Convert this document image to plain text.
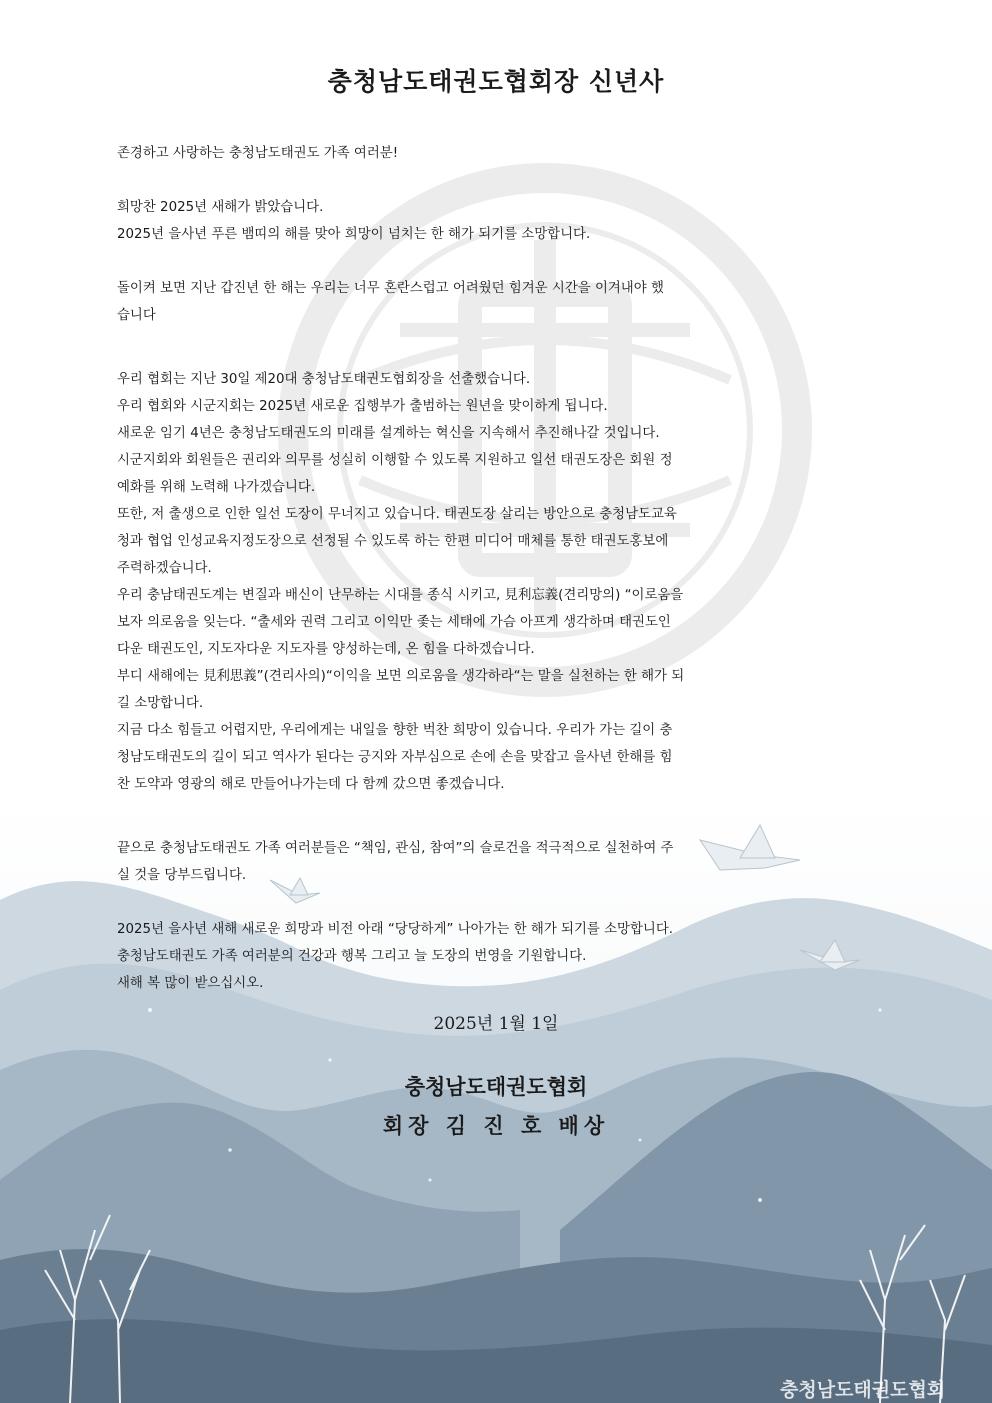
충청남도태권도협회장 신년사

존경하고 사랑하는 충청남도태권도 가족 여러분!

희망찬 2025년 새해가 밝았습니다.
2025년 을사년 푸른 뱀띠의 해를 맞아 희망이 넘치는 한 해가 되기를 소망합니다.

돌이켜 보면 지난 갑진년 한 해는 우리는 너무 혼란스럽고 어려웠던 힘겨운 시간을 이겨내야 했
습니다

우리 협회는 지난 30일 제20대 충청남도태권도협회장을 선출했습니다.
우리 협회와 시군지회는 2025년 새로운 집행부가 출범하는 원년을 맞이하게 됩니다.
새로운 임기 4년은 충청남도태권도의 미래를 설계하는 혁신을 지속해서 추진해나갈 것입니다.
시군지회와 회원들은 권리와 의무를 성실히 이행할 수 있도록 지원하고 일선 태권도장은 회원 정
예화를 위해 노력해 나가겠습니다.
또한, 저 출생으로 인한 일선 도장이 무너지고 있습니다. 태권도장 살리는 방안으로 충청남도교육
청과 협업 인성교육지정도장으로 선정될 수 있도록 하는 한편 미디어 매체를 통한 태권도홍보에
주력하겠습니다.
우리 충남태권도계는 변질과 배신이 난무하는 시대를 종식 시키고, 見利忘義(견리망의) “이로움을
보자 의로움을 잊는다. “출세와 권력 그리고 이익만 좇는 세태에 가슴 아프게 생각하며 태권도인
다운 태권도인, 지도자다운 지도자를 양성하는데, 온 힘을 다하겠습니다.
부디 새해에는 見利思義”(견리사의)“이익을 보면 의로움을 생각하라“는 말을 실천하는 한 해가 되
길 소망합니다.
지금 다소 힘들고 어렵지만, 우리에게는 내일을 향한 벅찬 희망이 있습니다. 우리가 가는 길이 충
청남도태권도의 길이 되고 역사가 된다는 긍지와 자부심으로 손에 손을 맞잡고 을사년 한해를 힘
찬 도약과 영광의 해로 만들어나가는데 다 함께 갔으면 좋겠습니다.

끝으로 충청남도태권도 가족 여러분들은 “책임, 관심, 참여”의 슬로건을 적극적으로 실천하여 주
실 것을 당부드립니다.

2025년 을사년 새해 새로운 희망과 비전 아래 “당당하게” 나아가는 한 해가 되기를 소망합니다.
충청남도태권도 가족 여러분의 건강과 행복 그리고 늘 도장의 번영을 기원합니다.
새해 복 많이 받으십시오.

2025년 1월 1일
충청남도태권도협회
회장 김 진 호 배상
충청남도태권도협회
